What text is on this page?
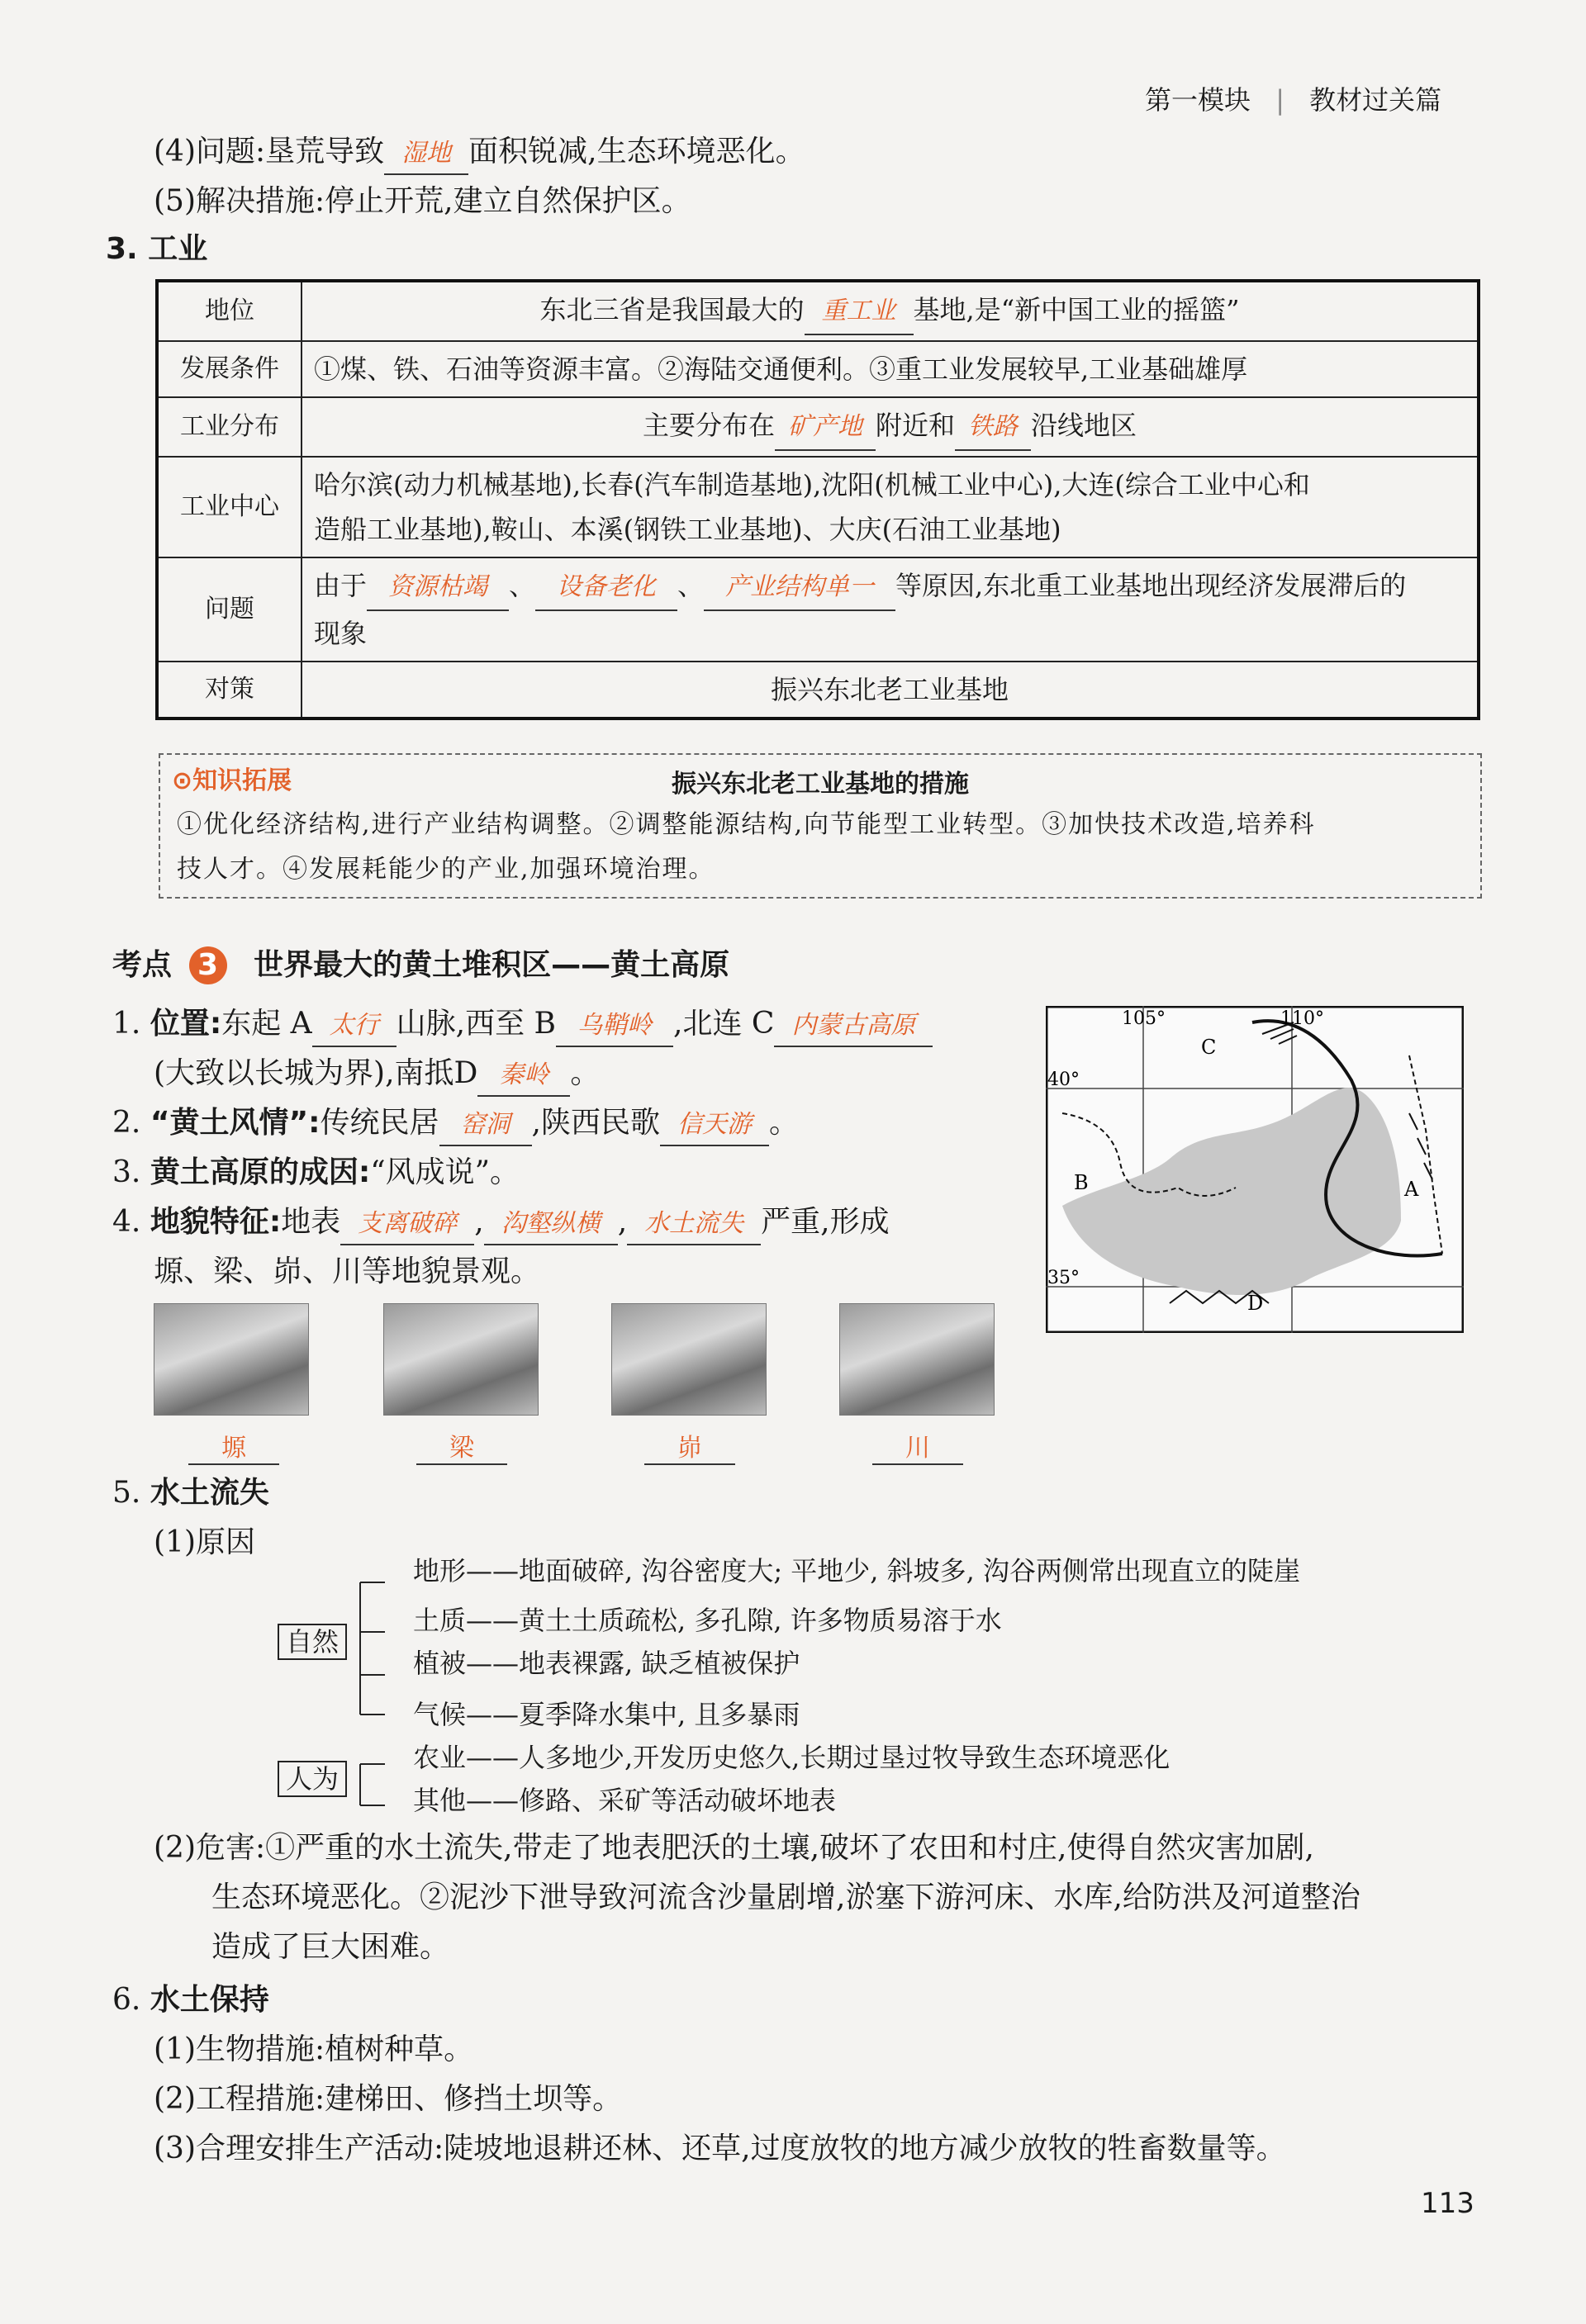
第一模块 | 教材过关篇
(4)问题:垦荒导致 湿地 面积锐减,生态环境恶化。
(5)解决措施:停止开荒,建立自然保护区。
3. 工业
地位	东北三省是我国最大的 重工业 基地,是“新中国工业的摇篮”
发展条件	①煤、铁、石油等资源丰富。②海陆交通便利。③重工业发展较早,工业基础雄厚
工业分布	主要分布在 矿产地 附近和 铁路 沿线地区
工业中心	哈尔滨(动力机械基地),长春(汽车制造基地),沈阳(机械工业中心),大连(综合工业中心和
造船工业基地),鞍山、本溪(钢铁工业基地)、大庆(石油工业基地)

问题	由于 资源枯竭 、 设备老化 、 产业结构单一 等原因,东北重工业基地出现经济发展滞后的
现象

对策	振兴东北老工业基地
⊙知识拓展	振兴东北老工业基地的措施
①优化经济结构,进行产业结构调整。②调整能源结构,向节能型工业转型。③加快技术改造,培养科
技人才。④发展耗能少的产业,加强环境治理。
考点 3 世界最大的黄土堆积区——黄土高原
1. 位置:东起 A 太行 山脉,西至 B 乌鞘岭 ,北连 C 内蒙古高原
(大致以长城为界),南抵D 秦岭 。
2. “黄土风情”:传统民居 窑洞 ,陕西民歌 信天游 。
3. 黄土高原的成因:“风成说”。
4. 地貌特征:地表 支离破碎 , 沟壑纵横 , 水土流失 严重,形成
塬、梁、峁、川等地貌景观。
塬	梁	峁	川
105°	110°
40°
35°
A
B
C
D
5. 水土流失
(1)原因
自然
人为
地形——地面破碎, 沟谷密度大; 平地少, 斜坡多, 沟谷两侧常出现直立的陡崖
土质——黄土土质疏松, 多孔隙, 许多物质易溶于水
植被——地表裸露, 缺乏植被保护
气候——夏季降水集中, 且多暴雨
农业——人多地少,开发历史悠久,长期过垦过牧导致生态环境恶化
其他——修路、采矿等活动破坏地表
(2)危害:①严重的水土流失,带走了地表肥沃的土壤,破坏了农田和村庄,使得自然灾害加剧,
生态环境恶化。②泥沙下泄导致河流含沙量剧增,淤塞下游河床、水库,给防洪及河道整治
造成了巨大困难。
6. 水土保持
(1)生物措施:植树种草。
(2)工程措施:建梯田、修挡土坝等。
(3)合理安排生产活动:陡坡地退耕还林、还草,过度放牧的地方减少放牧的牲畜数量等。
113
